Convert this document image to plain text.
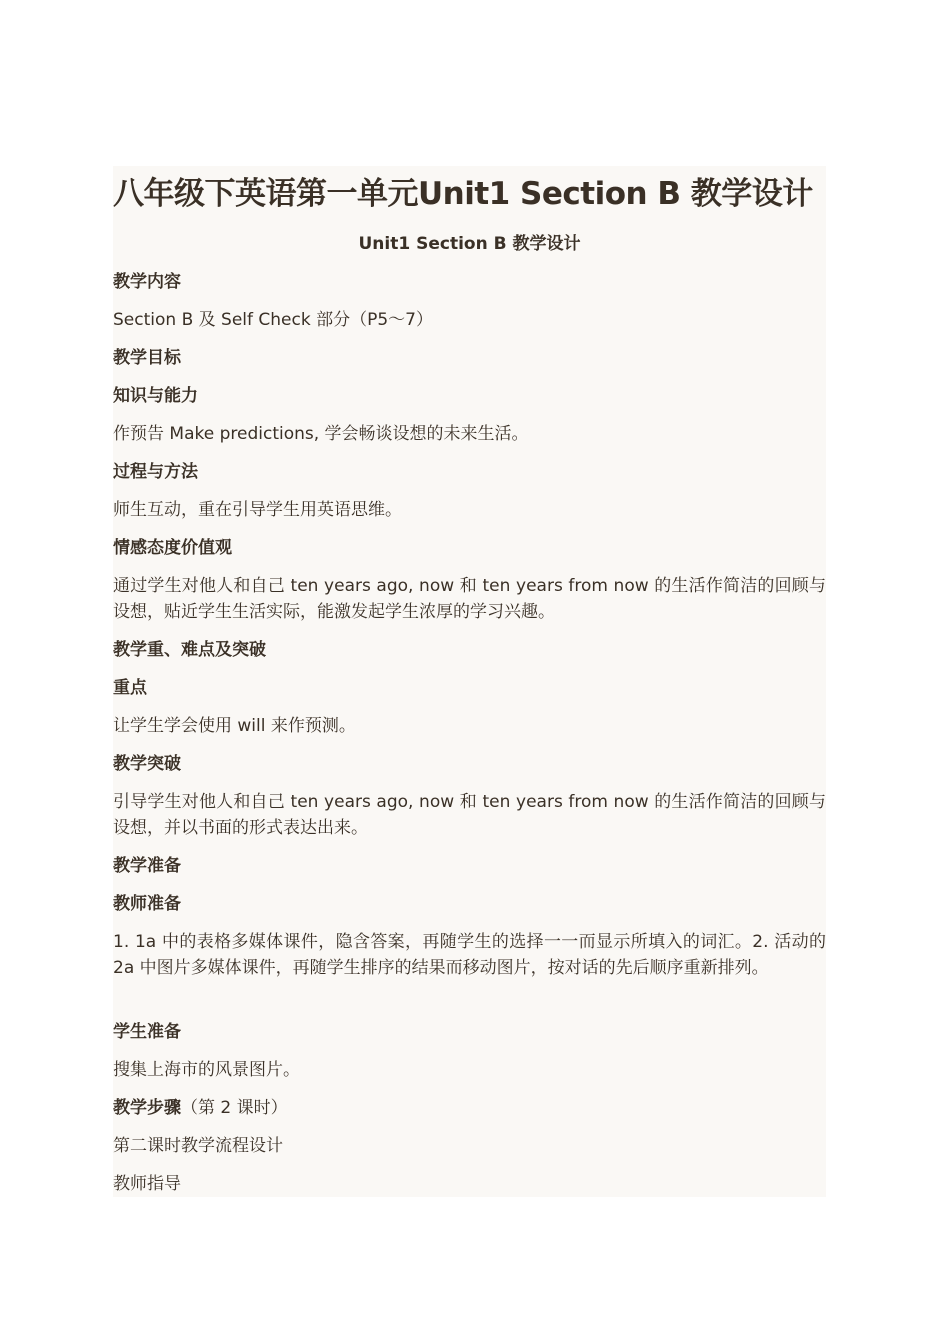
八年级下英语第一单元Unit1 Section B 教学设计
Unit1 Section B 教学设计
教学内容
Section B 及 Self Check 部分（P5～7）
教学目标
知识与能力
作预告 Make predictions, 学会畅谈设想的未来生活。
过程与方法
师生互动，重在引导学生用英语思维。
情感态度价值观
通过学生对他人和自己 ten years ago, now 和 ten years from now 的生活作简洁的回顾与设想，贴近学生生活实际，能激发起学生浓厚的学习兴趣。
教学重、难点及突破
重点
让学生学会使用 will 来作预测。
教学突破
引导学生对他人和自己 ten years ago, now 和 ten years from now 的生活作简洁的回顾与设想，并以书面的形式表达出来。
教学准备
教师准备
1. 1a 中的表格多媒体课件，隐含答案，再随学生的选择一一而显示所填入的词汇。2. 活动的 2a 中图片多媒体课件，再随学生排序的结果而移动图片，按对话的先后顺序重新排列。
学生准备
搜集上海市的风景图片。
教学步骤（第 2 课时）
第二课时教学流程设计
教师指导
